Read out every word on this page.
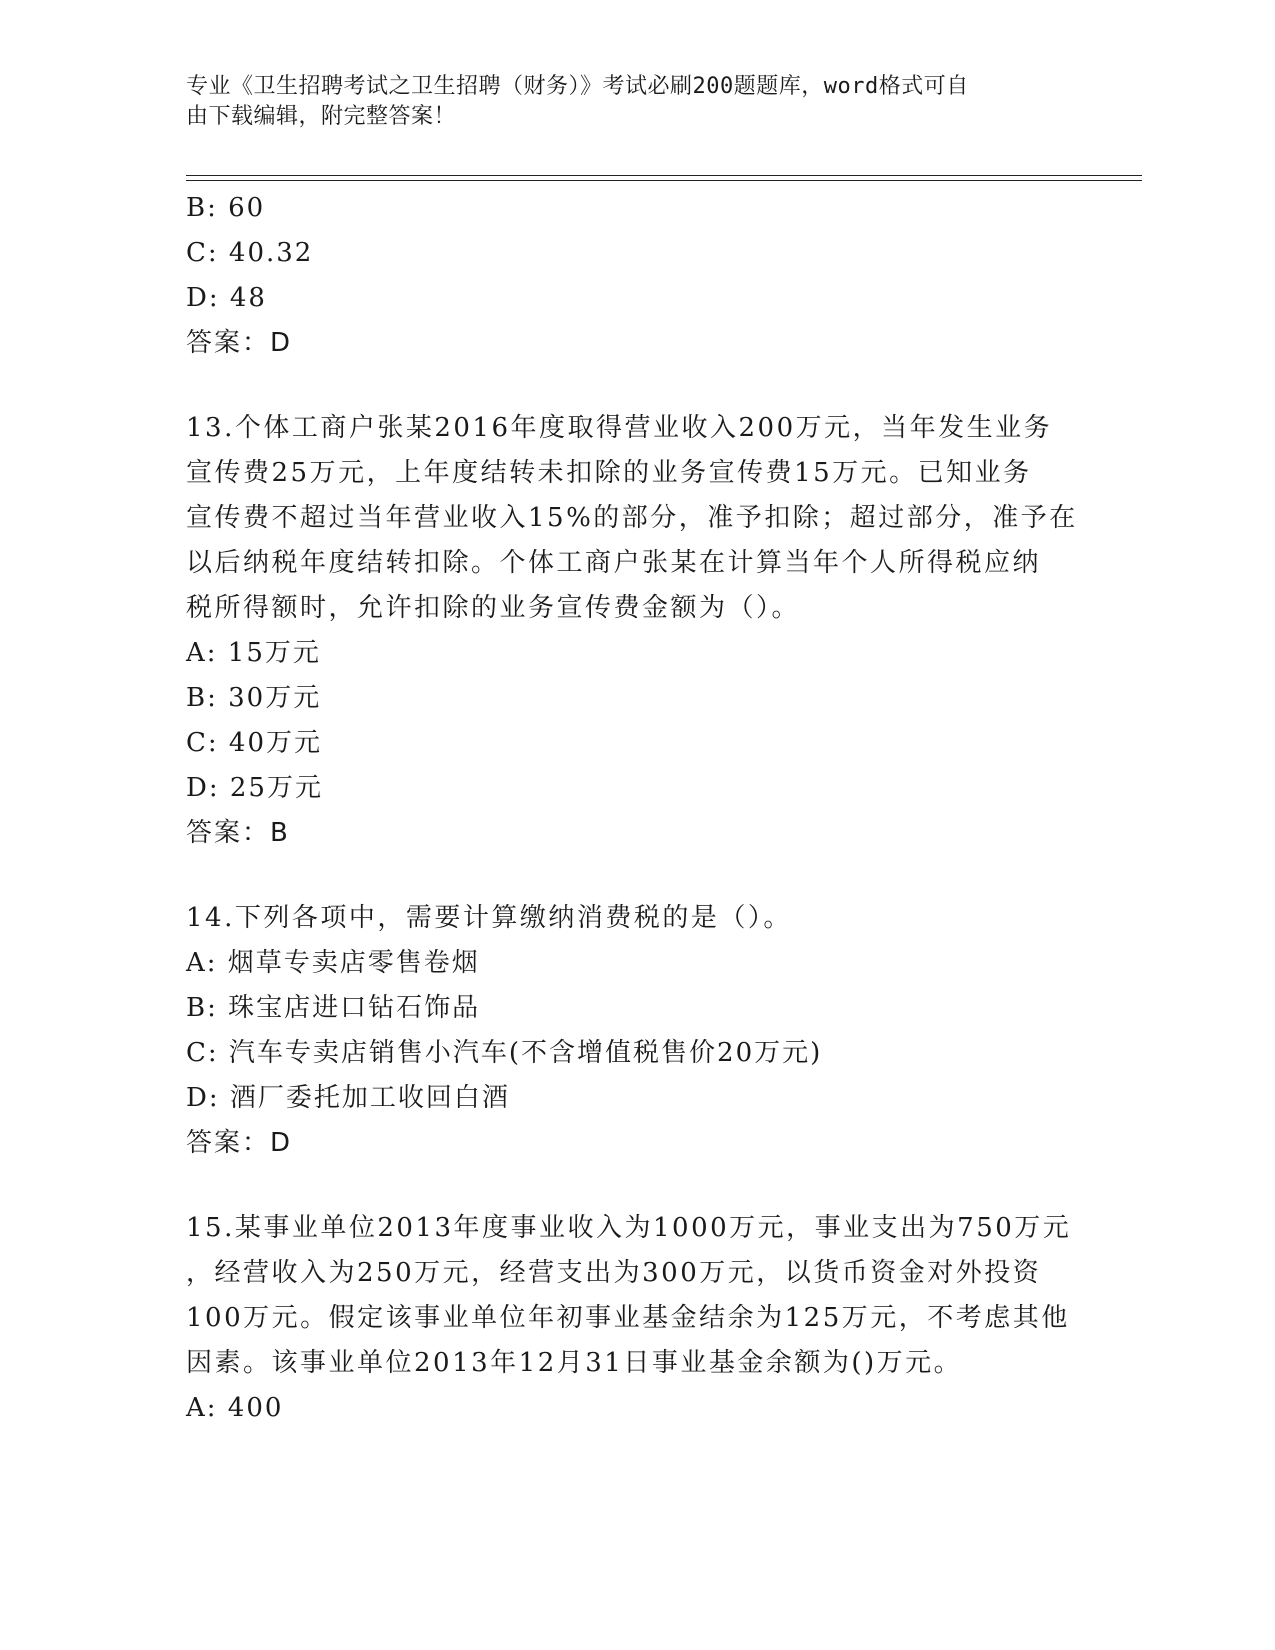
专业《卫生招聘考试之卫生招聘（财务）》考试必刷200题题库，word格式可自
由下载编辑，附完整答案！
B: 60
C: 40.32
D: 48
答案：D
13.个体工商户张某2016年度取得营业收入200万元，当年发生业务
宣传费25万元，上年度结转未扣除的业务宣传费15万元。已知业务
宣传费不超过当年营业收入15%的部分，准予扣除；超过部分，准予在
以后纳税年度结转扣除。个体工商户张某在计算当年个人所得税应纳
税所得额时，允许扣除的业务宣传费金额为（）。
A: 15万元
B: 30万元
C: 40万元
D: 25万元
答案：B
14.下列各项中，需要计算缴纳消费税的是（）。
A: 烟草专卖店零售卷烟
B: 珠宝店进口钻石饰品
C: 汽车专卖店销售小汽车(不含增值税售价20万元)
D: 酒厂委托加工收回白酒
答案：D
15.某事业单位2013年度事业收入为1000万元，事业支出为750万元
，经营收入为250万元，经营支出为300万元，以货币资金对外投资
100万元。假定该事业单位年初事业基金结余为125万元，不考虑其他
因素。该事业单位2013年12月31日事业基金余额为()万元。
A: 400
